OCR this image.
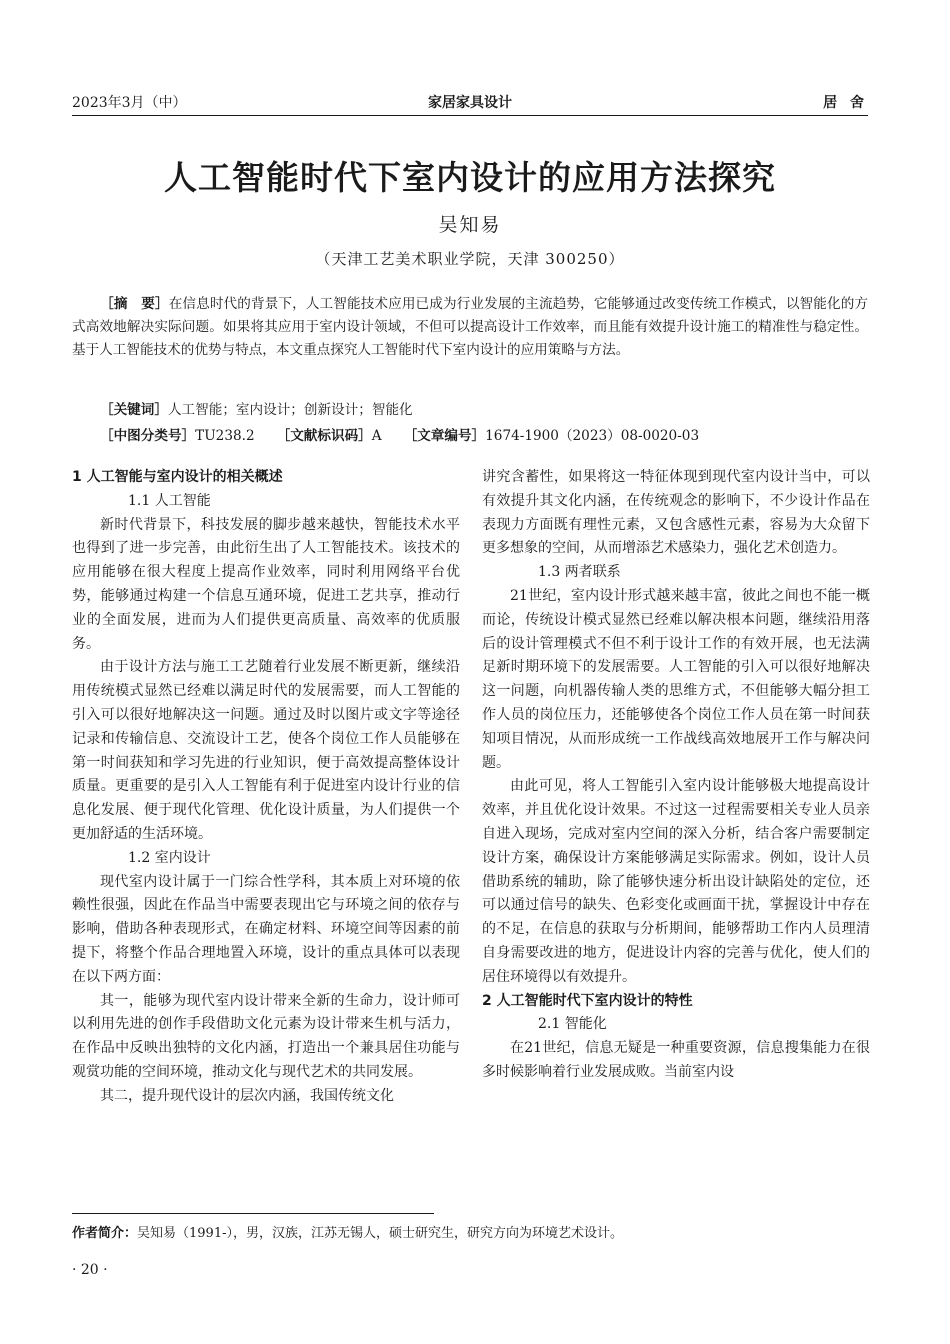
2023年3月（中）	家居家具设计	居 舍
人工智能时代下室内设计的应用方法探究
吴知易
（天津工艺美术职业学院，天津 300250）
［摘　要］在信息时代的背景下，人工智能技术应用已成为行业发展的主流趋势，它能够通过改变传统工作模式，以智能化的方式高效地解决实际问题。如果将其应用于室内设计领域，不但可以提高设计工作效率，而且能有效提升设计施工的精准性与稳定性。基于人工智能技术的优势与特点，本文重点探究人工智能时代下室内设计的应用策略与方法。
［关键词］人工智能；室内设计；创新设计；智能化
［中图分类号］TU238.2 ［文献标识码］A ［文章编号］1674-1900（2023）08-0020-03

1 人工智能与室内设计的相关概述

1.1 人工智能

新时代背景下，科技发展的脚步越来越快，智能技术水平也得到了进一步完善，由此衍生出了人工智能技术。该技术的应用能够在很大程度上提高作业效率，同时利用网络平台优势，能够通过构建一个信息互通环境，促进工艺共享，推动行业的全面发展，进而为人们提供更高质量、高效率的优质服务。

由于设计方法与施工工艺随着行业发展不断更新，继续沿用传统模式显然已经难以满足时代的发展需要，而人工智能的引入可以很好地解决这一问题。通过及时以图片或文字等途径记录和传输信息、交流设计工艺，使各个岗位工作人员能够在第一时间获知和学习先进的行业知识，便于高效提高整体设计质量。更重要的是引入人工智能有利于促进室内设计行业的信息化发展、便于现代化管理、优化设计质量，为人们提供一个更加舒适的生活环境。

1.2 室内设计

现代室内设计属于一门综合性学科，其本质上对环境的依赖性很强，因此在作品当中需要表现出它与环境之间的依存与影响，借助各种表现形式，在确定材料、环境空间等因素的前提下，将整个作品合理地置入环境，设计的重点具体可以表现在以下两方面：

其一，能够为现代室内设计带来全新的生命力，设计师可以利用先进的创作手段借助文化元素为设计带来生机与活力，在作品中反映出独特的文化内涵，打造出一个兼具居住功能与观赏功能的空间环境，推动文化与现代艺术的共同发展。

其二，提升现代设计的层次内涵，我国传统文化

讲究含蓄性，如果将这一特征体现到现代室内设计当中，可以有效提升其文化内涵，在传统观念的影响下，不少设计作品在表现力方面既有理性元素，又包含感性元素，容易为大众留下更多想象的空间，从而增添艺术感染力，强化艺术创造力。

1.3 两者联系

21世纪，室内设计形式越来越丰富，彼此之间也不能一概而论，传统设计模式显然已经难以解决根本问题，继续沿用落后的设计管理模式不但不利于设计工作的有效开展，也无法满足新时期环境下的发展需要。人工智能的引入可以很好地解决这一问题，向机器传输人类的思维方式，不但能够大幅分担工作人员的岗位压力，还能够使各个岗位工作人员在第一时间获知项目情况，从而形成统一工作战线高效地展开工作与解决问题。

由此可见，将人工智能引入室内设计能够极大地提高设计效率，并且优化设计效果。不过这一过程需要相关专业人员亲自进入现场，完成对室内空间的深入分析，结合客户需要制定设计方案，确保设计方案能够满足实际需求。例如，设计人员借助系统的辅助，除了能够快速分析出设计缺陷处的定位，还可以通过信号的缺失、色彩变化或画面干扰，掌握设计中存在的不足，在信息的获取与分析期间，能够帮助工作内人员理清自身需要改进的地方，促进设计内容的完善与优化，使人们的居住环境得以有效提升。

2 人工智能时代下室内设计的特性

2.1 智能化

在21世纪，信息无疑是一种重要资源，信息搜集能力在很多时候影响着行业发展成败。当前室内设

作者简介：吴知易（1991-），男，汉族，江苏无锡人，硕士研究生，研究方向为环境艺术设计。
· 20 ·
